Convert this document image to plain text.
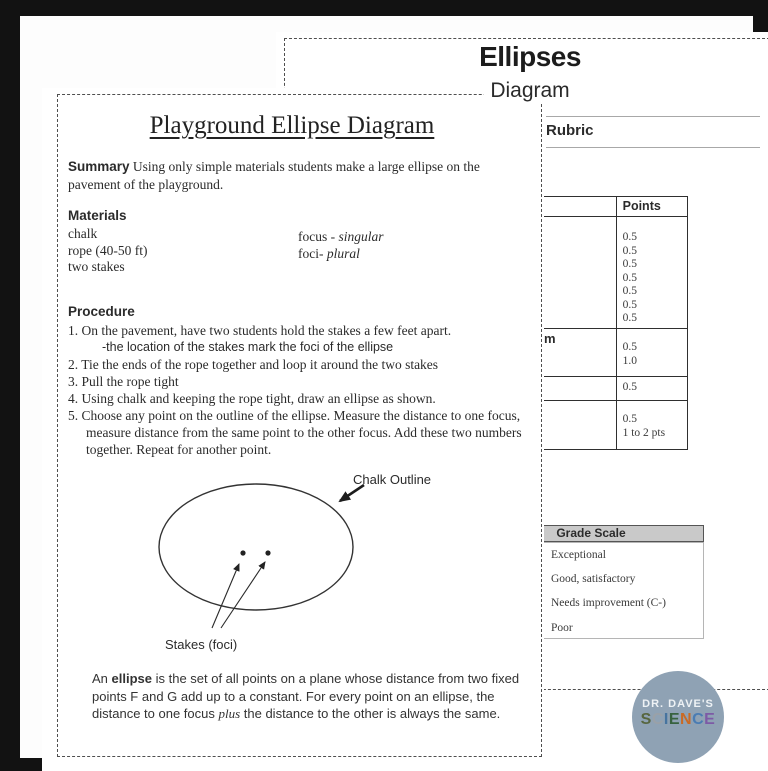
Rubric
Points
0.5
0.5
0.5
0.5
0.5
0.5
0.5
0.5
1.0
0.5
0.5
1 to 2 pts
m
Grade Scale
Exceptional
Good, satisfactory
Needs improvement (C-)
Poor
Playground Ellipse Diagram
Summary Using only simple materials students make a large ellipse on the pavement of the playground.
Materials
chalk
rope (40-50 ft)
two stakes
focus - singular
foci- plural
Procedure
1. On the pavement, have two students hold the stakes a few feet apart.
-the location of the stakes mark the foci of the ellipse
2. Tie the ends of the rope together and loop it around the two stakes
3. Pull the rope tight
4. Using chalk and keeping the rope tight, draw an ellipse as shown.
5. Choose any point on the outline of the ellipse. Measure the distance to one focus, measure distance from the same point to the other focus. Add these two numbers together. Repeat for another point.
Chalk Outline
Stakes (foci)
An ellipse is the set of all points on a plane whose distance from two fixed points F and G add up to a constant. For every point on an ellipse, the distance to one focus plus the distance to the other is always the same.
Ellipses
Diagram
DR. DAVE'S
SCIENCE
